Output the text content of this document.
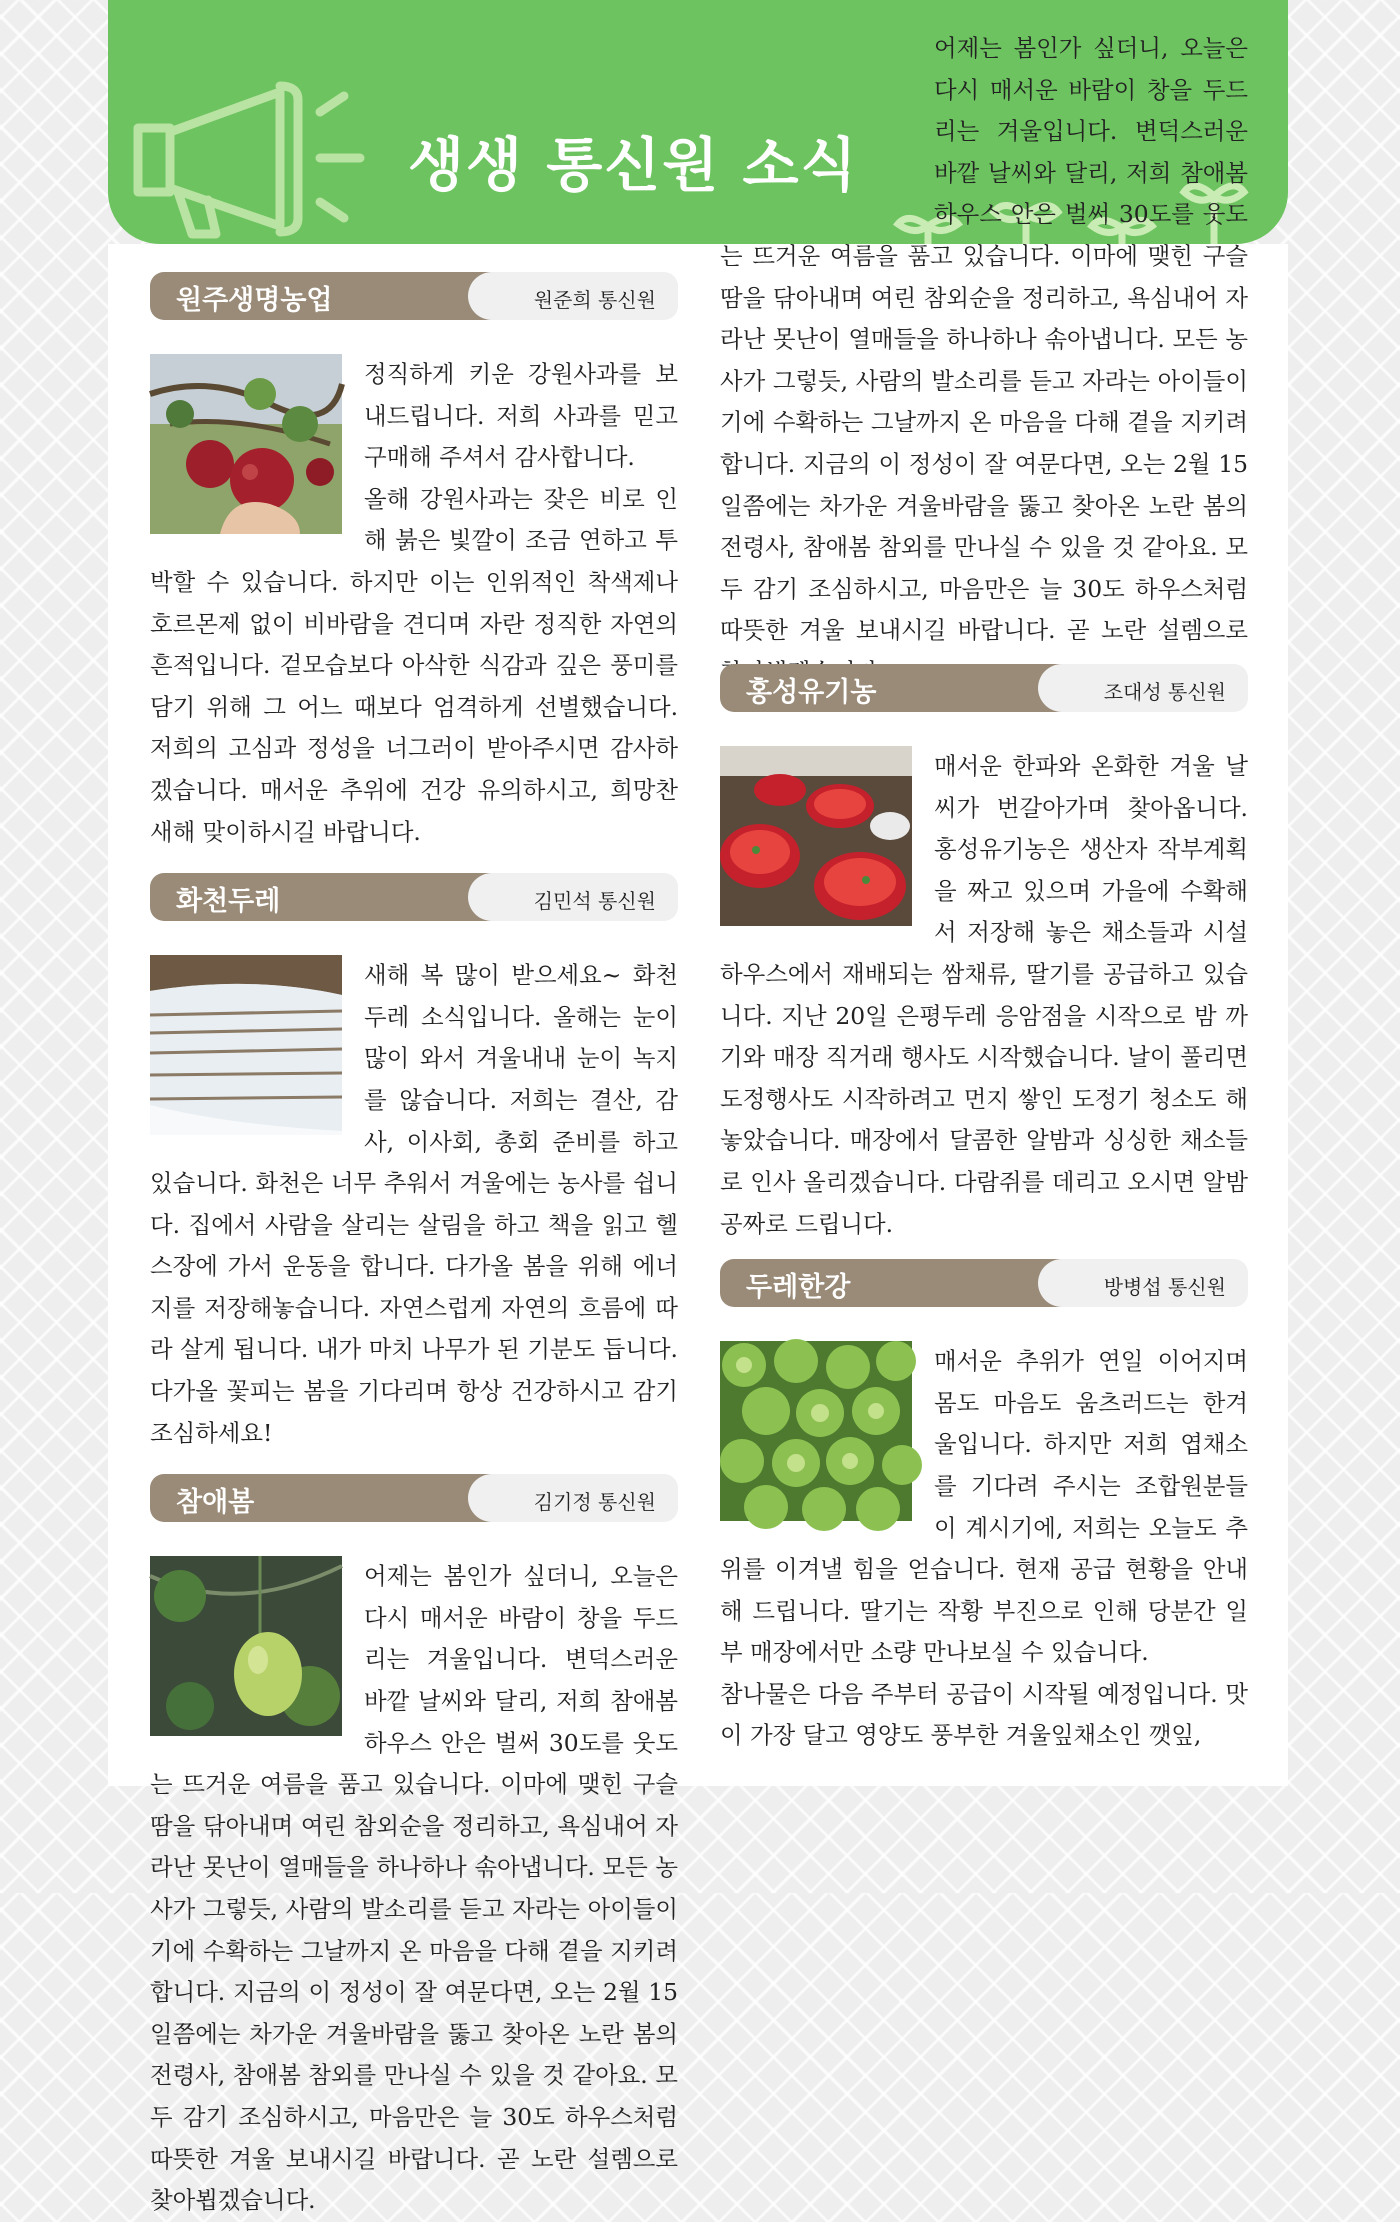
생생 통신원 소식
원주생명농업	원준희 통신원
정직하게 키운 강원사과를 보내드립니다. 저희 사과를 믿고 구매해 주셔서 감사합니다.
올해 강원사과는 잦은 비로 인해 붉은 빛깔이 조금 연하고 투박할 수 있습니다. 하지만 이는 인위적인 착색제나 호르몬제 없이 비바람을 견디며 자란 정직한 자연의 흔적입니다. 겉모습보다 아삭한 식감과 깊은 풍미를 담기 위해 그 어느 때보다 엄격하게 선별했습니다. 저희의 고심과 정성을 너그러이 받아주시면 감사하겠습니다. 매서운 추위에 건강 유의하시고, 희망찬 새해 맞이하시길 바랍니다.
화천두레	김민석 통신원
새해 복 많이 받으세요~ 화천두레 소식입니다. 올해는 눈이 많이 와서 겨울내내 눈이 녹지를 않습니다. 저희는 결산, 감사, 이사회, 총회 준비를 하고 있습니다. 화천은 너무 추워서 겨울에는 농사를 쉽니다. 집에서 사람을 살리는 살림을 하고 책을 읽고 헬스장에 가서 운동을 합니다. 다가올 봄을 위해 에너지를 저장해놓습니다. 자연스럽게 자연의 흐름에 따라 살게 됩니다. 내가 마치 나무가 된 기분도 듭니다. 다가올 꽃피는 봄을 기다리며 항상 건강하시고 감기 조심하세요!
참애봄	김기정 통신원
어제는 봄인가 싶더니, 오늘은 다시 매서운 바람이 창을 두드리는 겨울입니다. 변덕스러운 바깥 날씨와 달리, 저희 참애봄 하우스 안은 벌써 30도를 웃도는 뜨거운 여름을 품고 있습니다. 이마에 맺힌 구슬땀을 닦아내며 여린 참외순을 정리하고, 욕심내어 자라난 못난이 열매들을 하나하나 솎아냅니다. 모든 농사가 그렇듯, 사람의 발소리를 듣고 자라는 아이들이기에 수확하는 그날까지 온 마음을 다해 곁을 지키려 합니다. 지금의 이 정성이 잘 여문다면, 오는 2월 15일쯤에는 차가운 겨울바람을 뚫고 찾아온 노란 봄의 전령사, 참애봄 참외를 만나실 수 있을 것 같아요. 모두 감기 조심하시고, 마음만은 늘 30도 하우스처럼 따뜻한 겨울 보내시길 바랍니다. 곧 노란 설렘으로 찾아뵙겠습니다.
어제는 봄인가 싶더니, 오늘은 다시 매서운 바람이 창을 두드리는 겨울입니다. 변덕스러운 바깥 날씨와 달리, 저희 참애봄 하우스 안은 벌써 30도를 웃도는 뜨거운 여름을 품고 있습니다. 이마에 맺힌 구슬땀을 닦아내며 여린 참외순을 정리하고, 욕심내어 자라난 못난이 열매들을 하나하나 솎아냅니다. 모든 농사가 그렇듯, 사람의 발소리를 듣고 자라는 아이들이기에 수확하는 그날까지 온 마음을 다해 곁을 지키려 합니다. 지금의 이 정성이 잘 여문다면, 오는 2월 15일쯤에는 차가운 겨울바람을 뚫고 찾아온 노란 봄의 전령사, 참애봄 참외를 만나실 수 있을 것 같아요. 모두 감기 조심하시고, 마음만은 늘 30도 하우스처럼 따뜻한 겨울 보내시길 바랍니다. 곧 노란 설렘으로
홍성유기농	조대성 통신원
매서운 한파와 온화한 겨울 날씨가 번갈아가며 찾아옵니다. 홍성유기농은 생산자 작부계획을 짜고 있으며 가을에 수확해서 저장해 놓은 채소들과 시설하우스에서 재배되는 쌈채류, 딸기를 공급하고 있습니다. 지난 20일 은평두레 응암점을 시작으로 밤 까기와 매장 직거래 행사도 시작했습니다. 날이 풀리면 도정행사도 시작하려고 먼지 쌓인 도정기 청소도 해놓았습니다. 매장에서 달콤한 알밤과 싱싱한 채소들로 인사 올리겠습니다. 다람쥐를 데리고 오시면 알밤 공짜로 드립니다.
두레한강	방병섭 통신원
매서운 추위가 연일 이어지며 몸도 마음도 움츠러드는 한겨울입니다. 하지만 저희 엽채소를 기다려 주시는 조합원분들이 계시기에, 저희는 오늘도 추위를 이겨낼 힘을 얻습니다. 현재 공급 현황을 안내해 드립니다. 딸기는 작황 부진으로 인해 당분간 일부 매장에서만 소량 만나보실 수 있습니다.
참나물은 다음 주부터 공급이 시작될 예정입니다. 맛이 가장 달고 영양도 풍부한 겨울잎채소인 깻잎,
